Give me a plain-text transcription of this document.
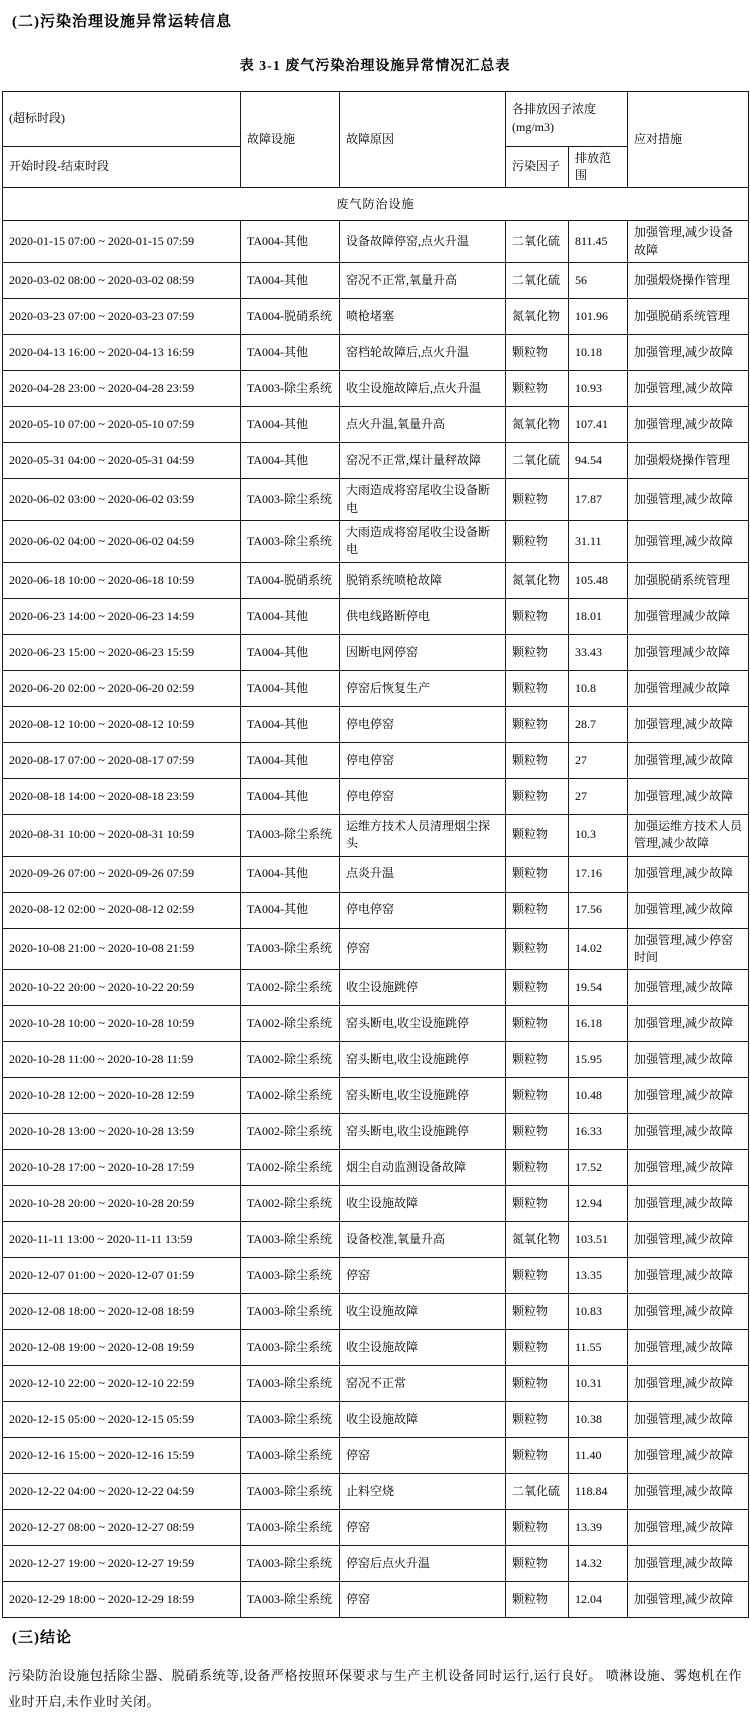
(二)污染治理设施异常运转信息
表 3-1 废气污染治理设施异常情况汇总表
(超标时段)	故障设施	故障原因	各排放因子浓度
(mg/m3)		应对措施
开始时段-结束时段			污染因子	排放范围	
废气防治设施					
2020-01-15 07:00 ~ 2020-01-15 07:59	TA004-其他	设备故障停窑,点火升温	二氧化硫	811.45	加强管理,减少设备故障
2020-03-02 08:00 ~ 2020-03-02 08:59	TA004-其他	窑况不正常,氧量升高	二氧化硫	56	加强煅烧操作管理
2020-03-23 07:00 ~ 2020-03-23 07:59	TA004-脱硝系统	喷枪堵塞	氮氧化物	101.96	加强脱硝系统管理
2020-04-13 16:00 ~ 2020-04-13 16:59	TA004-其他	窑档轮故障后,点火升温	颗粒物	10.18	加强管理,减少故障
2020-04-28 23:00 ~ 2020-04-28 23:59	TA003-除尘系统	收尘设施故障后,点火升温	颗粒物	10.93	加强管理,减少故障
2020-05-10 07:00 ~ 2020-05-10 07:59	TA004-其他	点火升温,氧量升高	氮氧化物	107.41	加强管理,减少故障
2020-05-31 04:00 ~ 2020-05-31 04:59	TA004-其他	窑况不正常,煤计量秤故障	二氧化硫	94.54	加强煅烧操作管理
2020-06-02 03:00 ~ 2020-06-02 03:59	TA003-除尘系统	大雨造成将窑尾收尘设备断电	颗粒物	17.87	加强管理,减少故障
2020-06-02 04:00 ~ 2020-06-02 04:59	TA003-除尘系统	大雨造成将窑尾收尘设备断电	颗粒物	31.11	加强管理,减少故障
2020-06-18 10:00 ~ 2020-06-18 10:59	TA004-脱硝系统	脱销系统喷枪故障	氮氧化物	105.48	加强脱硝系统管理
2020-06-23 14:00 ~ 2020-06-23 14:59	TA004-其他	供电线路断停电	颗粒物	18.01	加强管理减少故障
2020-06-23 15:00 ~ 2020-06-23 15:59	TA004-其他	因断电网停窑	颗粒物	33.43	加强管理减少故障
2020-06-20 02:00 ~ 2020-06-20 02:59	TA004-其他	停窑后恢复生产	颗粒物	10.8	加强管理减少故障
2020-08-12 10:00 ~ 2020-08-12 10:59	TA004-其他	停电停窑	颗粒物	28.7	加强管理,减少故障
2020-08-17 07:00 ~ 2020-08-17 07:59	TA004-其他	停电停窑	颗粒物	27	加强管理,减少故障
2020-08-18 14:00 ~ 2020-08-18 23:59	TA004-其他	停电停窑	颗粒物	27	加强管理,减少故障
2020-08-31 10:00 ~ 2020-08-31 10:59	TA003-除尘系统	运维方技术人员清理烟尘探头	颗粒物	10.3	加强运维方技术人员管理,减少故障
2020-09-26 07:00 ~ 2020-09-26 07:59	TA004-其他	点炎升温	颗粒物	17.16	加强管理,减少故障
2020-08-12 02:00 ~ 2020-08-12 02:59	TA004-其他	停电停窑	颗粒物	17.56	加强管理,减少故障
2020-10-08 21:00 ~ 2020-10-08 21:59	TA003-除尘系统	停窑	颗粒物	14.02	加强管理,减少停窑时间
2020-10-22 20:00 ~ 2020-10-22 20:59	TA002-除尘系统	收尘设施跳停	颗粒物	19.54	加强管理,减少故障
2020-10-28 10:00 ~ 2020-10-28 10:59	TA002-除尘系统	窑头断电,收尘设施跳停	颗粒物	16.18	加强管理,减少故障
2020-10-28 11:00 ~ 2020-10-28 11:59	TA002-除尘系统	窑头断电,收尘设施跳停	颗粒物	15.95	加强管理,减少故障
2020-10-28 12:00 ~ 2020-10-28 12:59	TA002-除尘系统	窑头断电,收尘设施跳停	颗粒物	10.48	加强管理,减少故障
2020-10-28 13:00 ~ 2020-10-28 13:59	TA002-除尘系统	窑头断电,收尘设施跳停	颗粒物	16.33	加强管理,减少故障
2020-10-28 17:00 ~ 2020-10-28 17:59	TA002-除尘系统	烟尘自动监测设备故障	颗粒物	17.52	加强管理,减少故障
2020-10-28 20:00 ~ 2020-10-28 20:59	TA002-除尘系统	收尘设施故障	颗粒物	12.94	加强管理,减少故障
2020-11-11 13:00 ~ 2020-11-11 13:59	TA003-除尘系统	设备校准,氧量升高	氮氧化物	103.51	加强管理,减少故障
2020-12-07 01:00 ~ 2020-12-07 01:59	TA003-除尘系统	停窑	颗粒物	13.35	加强管理,减少故障
2020-12-08 18:00 ~ 2020-12-08 18:59	TA003-除尘系统	收尘设施故障	颗粒物	10.83	加强管理,减少故障
2020-12-08 19:00 ~ 2020-12-08 19:59	TA003-除尘系统	收尘设施故障	颗粒物	11.55	加强管理,减少故障
2020-12-10 22:00 ~ 2020-12-10 22:59	TA003-除尘系统	窑况不正常	颗粒物	10.31	加强管理,减少故障
2020-12-15 05:00 ~ 2020-12-15 05:59	TA003-除尘系统	收尘设施故障	颗粒物	10.38	加强管理,减少故障
2020-12-16 15:00 ~ 2020-12-16 15:59	TA003-除尘系统	停窑	颗粒物	11.40	加强管理,减少故障
2020-12-22 04:00 ~ 2020-12-22 04:59	TA003-除尘系统	止料空烧	二氧化硫	118.84	加强管理,减少故障
2020-12-27 08:00 ~ 2020-12-27 08:59	TA003-除尘系统	停窑	颗粒物	13.39	加强管理,减少故障
2020-12-27 19:00 ~ 2020-12-27 19:59	TA003-除尘系统	停窑后点火升温	颗粒物	14.32	加强管理,减少故障
2020-12-29 18:00 ~ 2020-12-29 18:59	TA003-除尘系统	停窑	颗粒物	12.04	加强管理,减少故障
(三)结论
污染防治设施包括除尘器、脱硝系统等,设备严格按照环保要求与生产主机设备同时运行,运行良好。 喷淋设施、雾炮机在作业时开启,未作业时关闭。
